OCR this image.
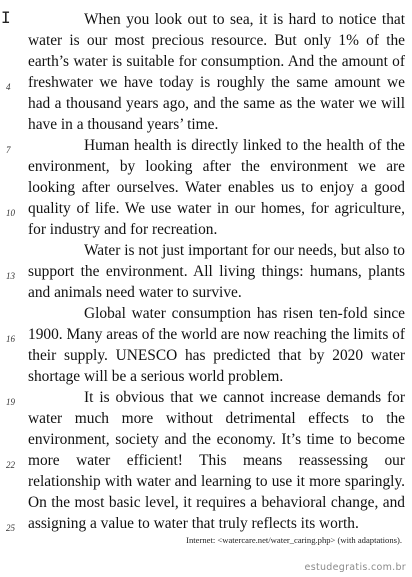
I
4
7
10
13
16
19
22
25

When you look out to sea, it is hard to notice that water is our most precious resource. But only 1% of the earth’s water is suitable for consumption. And the amount of freshwater we have today is roughly the same amount we had a thousand years ago, and the same as the water we will have in a thousand years’ time.

Human health is directly linked to the health of the environment, by looking after the environment we are looking after ourselves. Water enables us to enjoy a good quality of life. We use water in our homes, for agriculture, for industry and for recreation.

Water is not just important for our needs, but also to support the environment. All living things: humans, plants and animals need water to survive.

Global water consumption has risen ten-fold since 1900. Many areas of the world are now reaching the limits of their supply. UNESCO has predicted that by 2020 water shortage will be a serious world problem.

It is obvious that we cannot increase demands for water much more without detrimental effects to the environment, society and the economy. It’s time to become more water efficient! This means reassessing our relationship with water and learning to use it more sparingly. On the most basic level, it requires a behavioral change, and assigning a value to water that truly reflects its worth.

Internet: <watercare.net/water_caring.php> (with adaptations).
estudegratis.com.br
